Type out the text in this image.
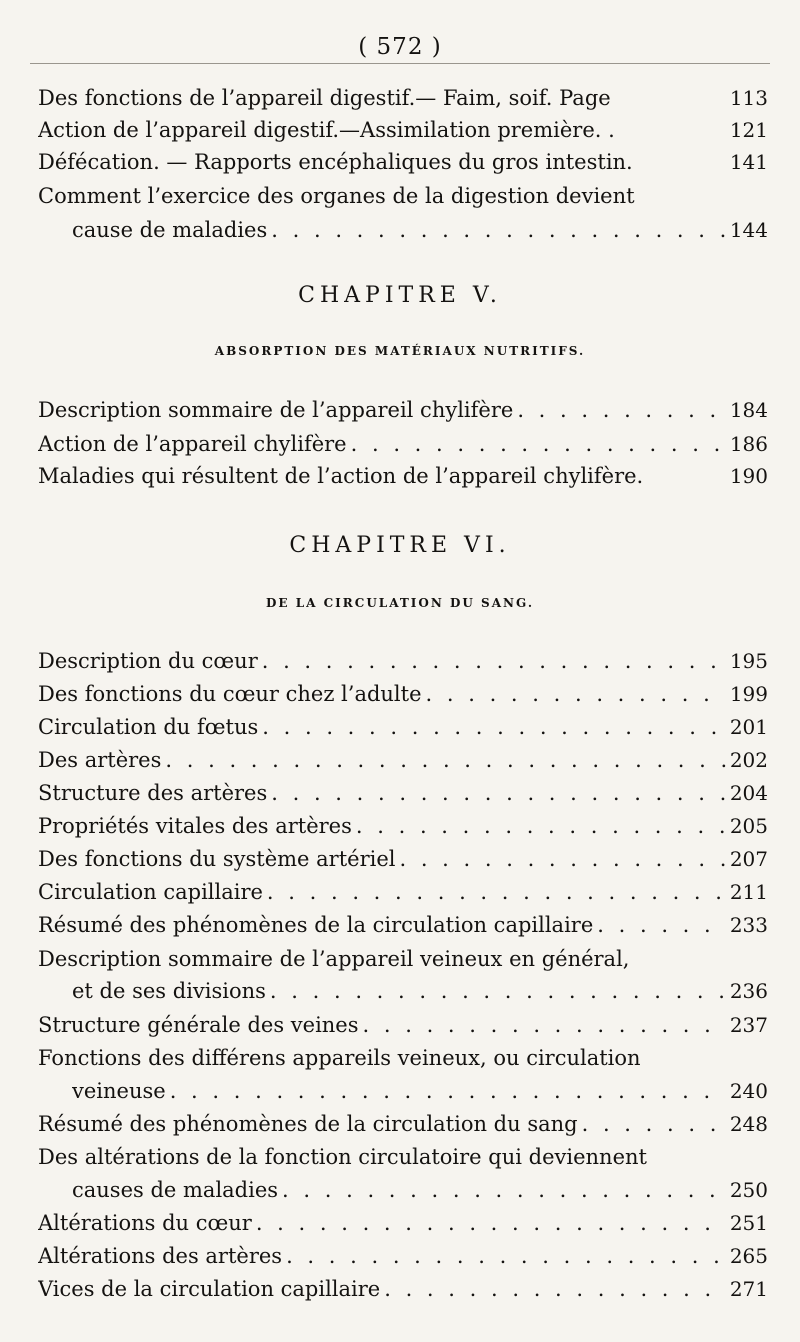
( 572 )
Des fonctions de l’appareil digestif.— Faim, soif. Page	113
Action de l’appareil digestif.—Assimilation première. .	121
Défécation. — Rapports encéphaliques du gros intestin.	141
Comment l’exercice des organes de la digestion devient
cause de maladies . . .	144
CHAPITRE V.
ABSORPTION DES MATÉRIAUX NUTRITIFS.
Description sommaire de l’appareil chylifère . . .	184
Action de l’appareil chylifère . . .	186
Maladies qui résultent de l’action de l’appareil chylifère.	190
CHAPITRE VI.
DE LA CIRCULATION DU SANG.
Description du cœur . . .	195
Des fonctions du cœur chez l’adulte . . .	199
Circulation du fœtus . . .	201
Des artères . . .	202
Structure des artères . . .	204
Propriétés vitales des artères . . .	205
Des fonctions du système artériel . . .	207
Circulation capillaire . . .	211
Résumé des phénomènes de la circulation capillaire . . .	233
Description sommaire de l’appareil veineux en général,
et de ses divisions . . .	236
Structure générale des veines . . .	237
Fonctions des différens appareils veineux, ou circulation
veineuse . . .	240
Résumé des phénomènes de la circulation du sang . . .	248
Des altérations de la fonction circulatoire qui deviennent
causes de maladies . . .	250
Altérations du cœur . . .	251
Altérations des artères . . .	265
Vices de la circulation capillaire . . .	271
